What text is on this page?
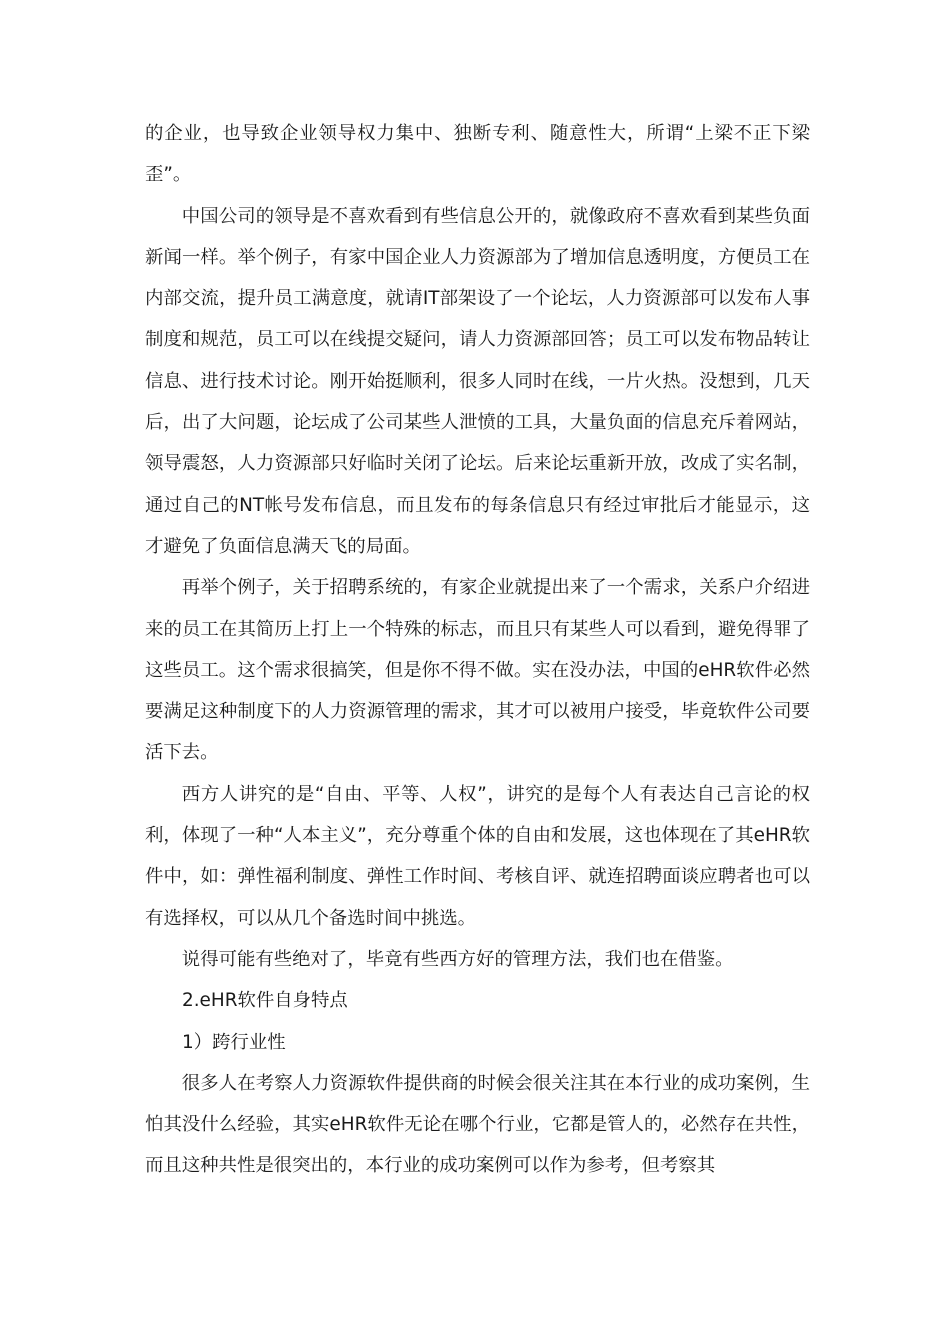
的企业，也导致企业领导权力集中、独断专利、随意性大，所谓“上梁不正下梁歪”。

中国公司的领导是不喜欢看到有些信息公开的，就像政府不喜欢看到某些负面新闻一样。举个例子，有家中国企业人力资源部为了增加信息透明度，方便员工在内部交流，提升员工满意度，就请IT部架设了一个论坛，人力资源部可以发布人事制度和规范，员工可以在线提交疑问，请人力资源部回答；员工可以发布物品转让信息、进行技术讨论。刚开始挺顺利，很多人同时在线，一片火热。没想到，几天后，出了大问题，论坛成了公司某些人泄愤的工具，大量负面的信息充斥着网站，领导震怒，人力资源部只好临时关闭了论坛。后来论坛重新开放，改成了实名制，通过自己的NT帐号发布信息，而且发布的每条信息只有经过审批后才能显示，这才避免了负面信息满天飞的局面。

再举个例子，关于招聘系统的，有家企业就提出来了一个需求，关系户介绍进来的员工在其简历上打上一个特殊的标志，而且只有某些人可以看到，避免得罪了这些员工。这个需求很搞笑，但是你不得不做。实在没办法，中国的eHR软件必然要满足这种制度下的人力资源管理的需求，其才可以被用户接受，毕竟软件公司要活下去。

西方人讲究的是“自由、平等、人权”，讲究的是每个人有表达自己言论的权利，体现了一种“人本主义”，充分尊重个体的自由和发展，这也体现在了其eHR软件中，如：弹性福利制度、弹性工作时间、考核自评、就连招聘面谈应聘者也可以有选择权，可以从几个备选时间中挑选。

说得可能有些绝对了，毕竟有些西方好的管理方法，我们也在借鉴。

2.eHR软件自身特点

1）跨行业性

很多人在考察人力资源软件提供商的时候会很关注其在本行业的成功案例，生怕其没什么经验，其实eHR软件无论在哪个行业，它都是管人的，必然存在共性，而且这种共性是很突出的，本行业的成功案例可以作为参考，但考察其
